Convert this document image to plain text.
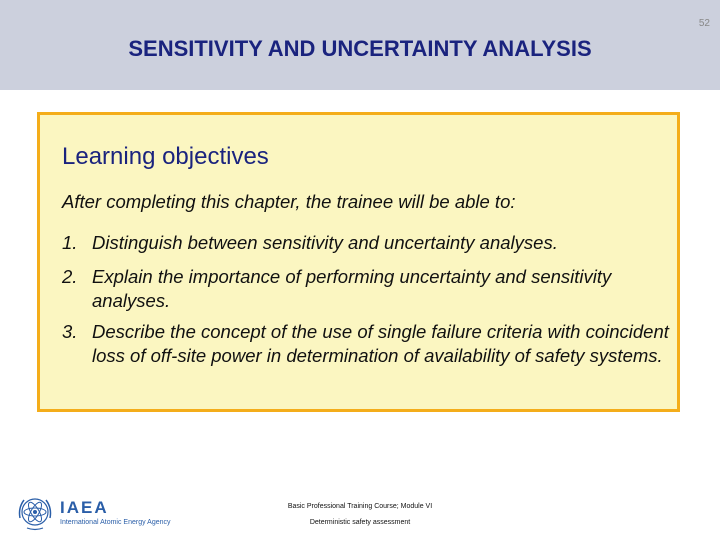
52
SENSITIVITY AND UNCERTAINTY ANALYSIS
Learning objectives
After completing this chapter, the trainee will be able to:
1. Distinguish between sensitivity and uncertainty analyses.
2. Explain the importance of performing uncertainty and sensitivity analyses.
3. Describe the concept of the use of single failure criteria with coincident loss of off-site power in determination of availability of safety systems.
IAEA
International Atomic Energy Agency
Basic Professional Training Course; Module VI
Deterministic safety assessment
